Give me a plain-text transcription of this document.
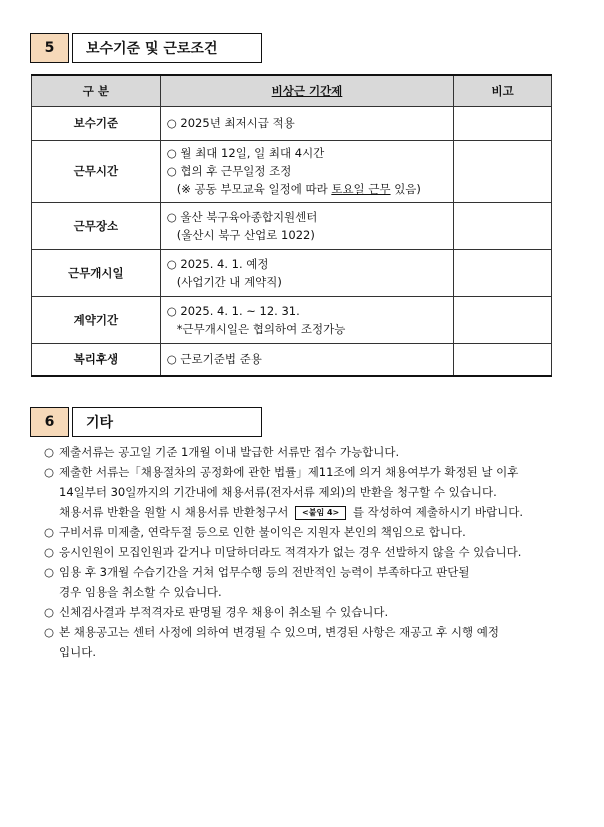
5	보수기준 및 근로조건
구 분	비상근 기간제	비고
보수기준	○ 2025년 최저시급 적용	

근무시간	○ 월 최대 12일, 일 최대 4시간
○ 협의 후 근무일정 조정
(※ 공동 부모교육 일정에 따라 토요일 근무 있음)	

근무장소	○ 울산 북구육아종합지원센터
(울산시 북구 산업로 1022)	

근무개시일	○ 2025. 4. 1. 예정
(사업기간 내 계약직)	

계약기간	○ 2025. 4. 1. ~ 12. 31.
*근무개시일은 협의하여 조정가능	

복리후생	○ 근로기준법 준용	

6	기타
○ 제출서류는 공고일 기준 1개월 이내 발급한 서류만 접수 가능합니다.
○ 제출한 서류는「채용절차의 공정화에 관한 법률」제11조에 의거 채용여부가 확정된 날 이후
14일부터 30일까지의 기간내에 채용서류(전자서류 제외)의 반환을 청구할 수 있습니다.
채용서류 반환을 원할 시 채용서류 반환청구서 <붙임 4> 를 작성하여 제출하시기 바랍니다.
○ 구비서류 미제출, 연락두절 등으로 인한 불이익은 지원자 본인의 책임으로 합니다.
○ 응시인원이 모집인원과 같거나 미달하더라도 적격자가 없는 경우 선발하지 않을 수 있습니다.
○ 임용 후 3개월 수습기간을 거쳐 업무수행 등의 전반적인 능력이 부족하다고 판단될
경우 임용을 취소할 수 있습니다.
○ 신체검사결과 부적격자로 판명될 경우 채용이 취소될 수 있습니다.
○ 본 채용공고는 센터 사정에 의하여 변경될 수 있으며, 변경된 사항은 재공고 후 시행 예정
입니다.
